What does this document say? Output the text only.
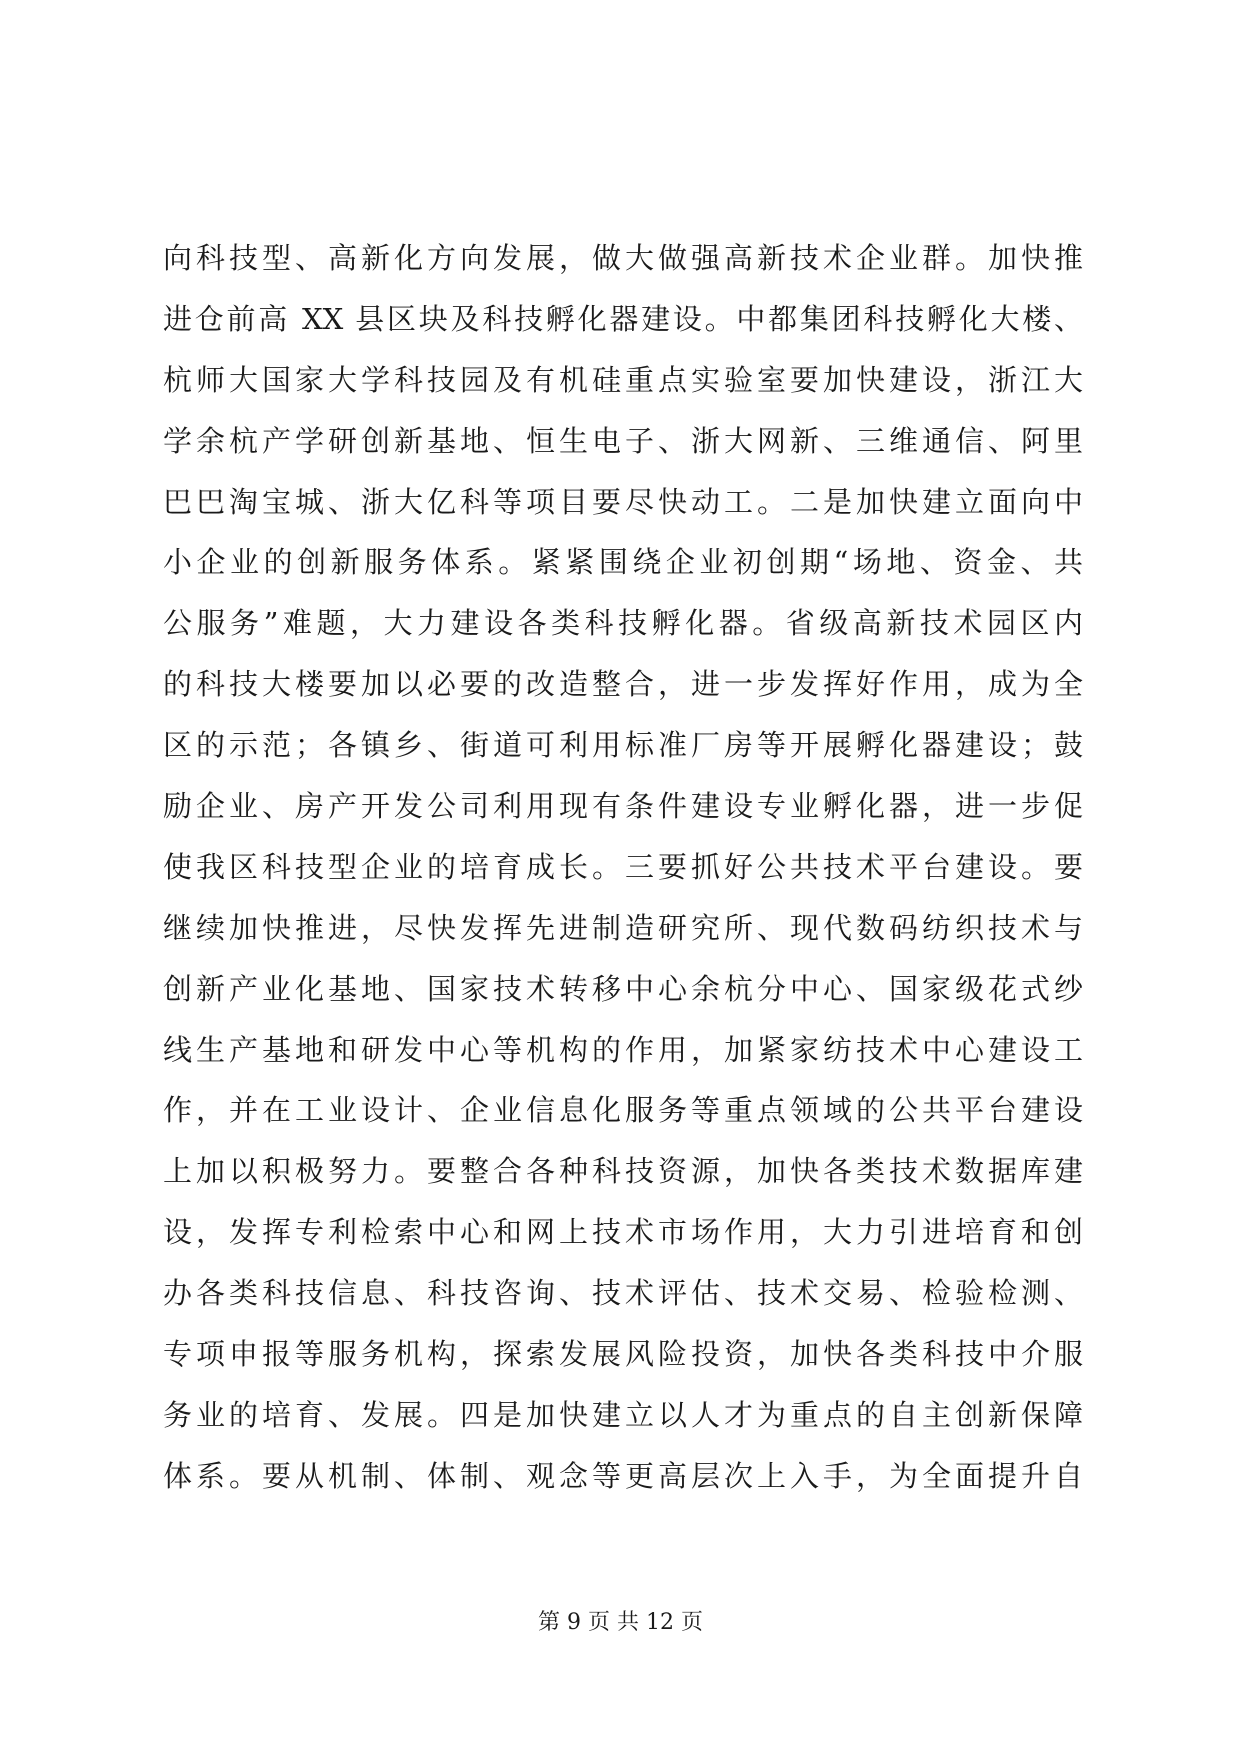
向科技型、高新化方向发展，做大做强高新技术企业群。加快推
进仓前高 XX 县区块及科技孵化器建设。中都集团科技孵化大楼、
杭师大国家大学科技园及有机硅重点实验室要加快建设，浙江大
学余杭产学研创新基地、恒生电子、浙大网新、三维通信、阿里
巴巴淘宝城、浙大亿科等项目要尽快动工。二是加快建立面向中
小企业的创新服务体系。紧紧围绕企业初创期“场地、资金、共
公服务”难题，大力建设各类科技孵化器。省级高新技术园区内
的科技大楼要加以必要的改造整合，进一步发挥好作用，成为全
区的示范；各镇乡、街道可利用标准厂房等开展孵化器建设；鼓
励企业、房产开发公司利用现有条件建设专业孵化器，进一步促
使我区科技型企业的培育成长。三要抓好公共技术平台建设。要
继续加快推进，尽快发挥先进制造研究所、现代数码纺织技术与
创新产业化基地、国家技术转移中心余杭分中心、国家级花式纱
线生产基地和研发中心等机构的作用，加紧家纺技术中心建设工
作，并在工业设计、企业信息化服务等重点领域的公共平台建设
上加以积极努力。要整合各种科技资源，加快各类技术数据库建
设，发挥专利检索中心和网上技术市场作用，大力引进培育和创
办各类科技信息、科技咨询、技术评估、技术交易、检验检测、
专项申报等服务机构，探索发展风险投资，加快各类科技中介服
务业的培育、发展。四是加快建立以人才为重点的自主创新保障
体系。要从机制、体制、观念等更高层次上入手，为全面提升自
第 9 页 共 12 页
